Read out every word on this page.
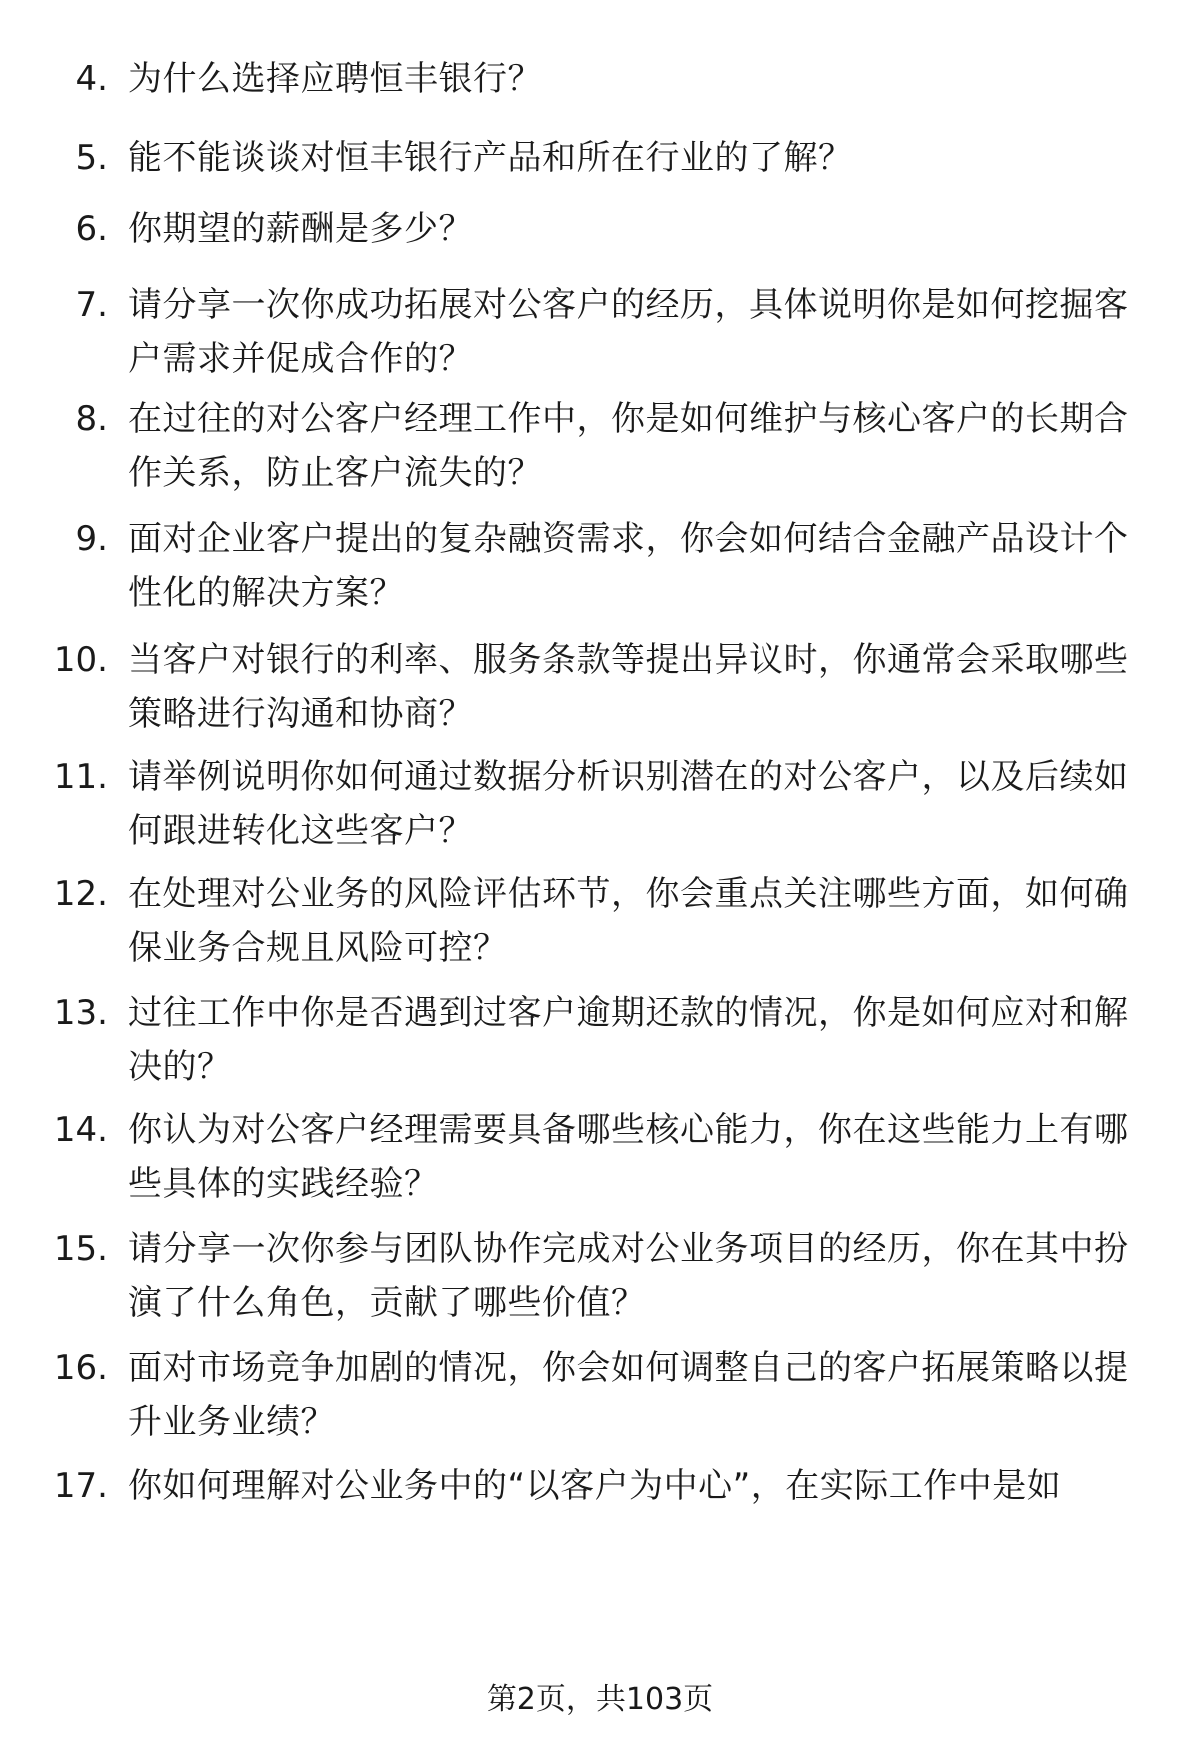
4. 为什么选择应聘恒丰银行？
5. 能不能谈谈对恒丰银行产品和所在行业的了解？
6. 你期望的薪酬是多少？
7. 请分享一次你成功拓展对公客户的经历，具体说明你是如何挖掘客户需求并促成合作的？
8. 在过往的对公客户经理工作中，你是如何维护与核心客户的长期合作关系，防止客户流失的？
9. 面对企业客户提出的复杂融资需求，你会如何结合金融产品设计个性化的解决方案？
10. 当客户对银行的利率、服务条款等提出异议时，你通常会采取哪些策略进行沟通和协商？
11. 请举例说明你如何通过数据分析识别潜在的对公客户，以及后续如何跟进转化这些客户？
12. 在处理对公业务的风险评估环节，你会重点关注哪些方面，如何确保业务合规且风险可控？
13. 过往工作中你是否遇到过客户逾期还款的情况，你是如何应对和解决的？
14. 你认为对公客户经理需要具备哪些核心能力，你在这些能力上有哪些具体的实践经验？
15. 请分享一次你参与团队协作完成对公业务项目的经历，你在其中扮演了什么角色，贡献了哪些价值？
16. 面对市场竞争加剧的情况，你会如何调整自己的客户拓展策略以提升业务业绩？
17. 你如何理解对公业务中的“以客户为中心”，在实际工作中是如
第2页，共103页
